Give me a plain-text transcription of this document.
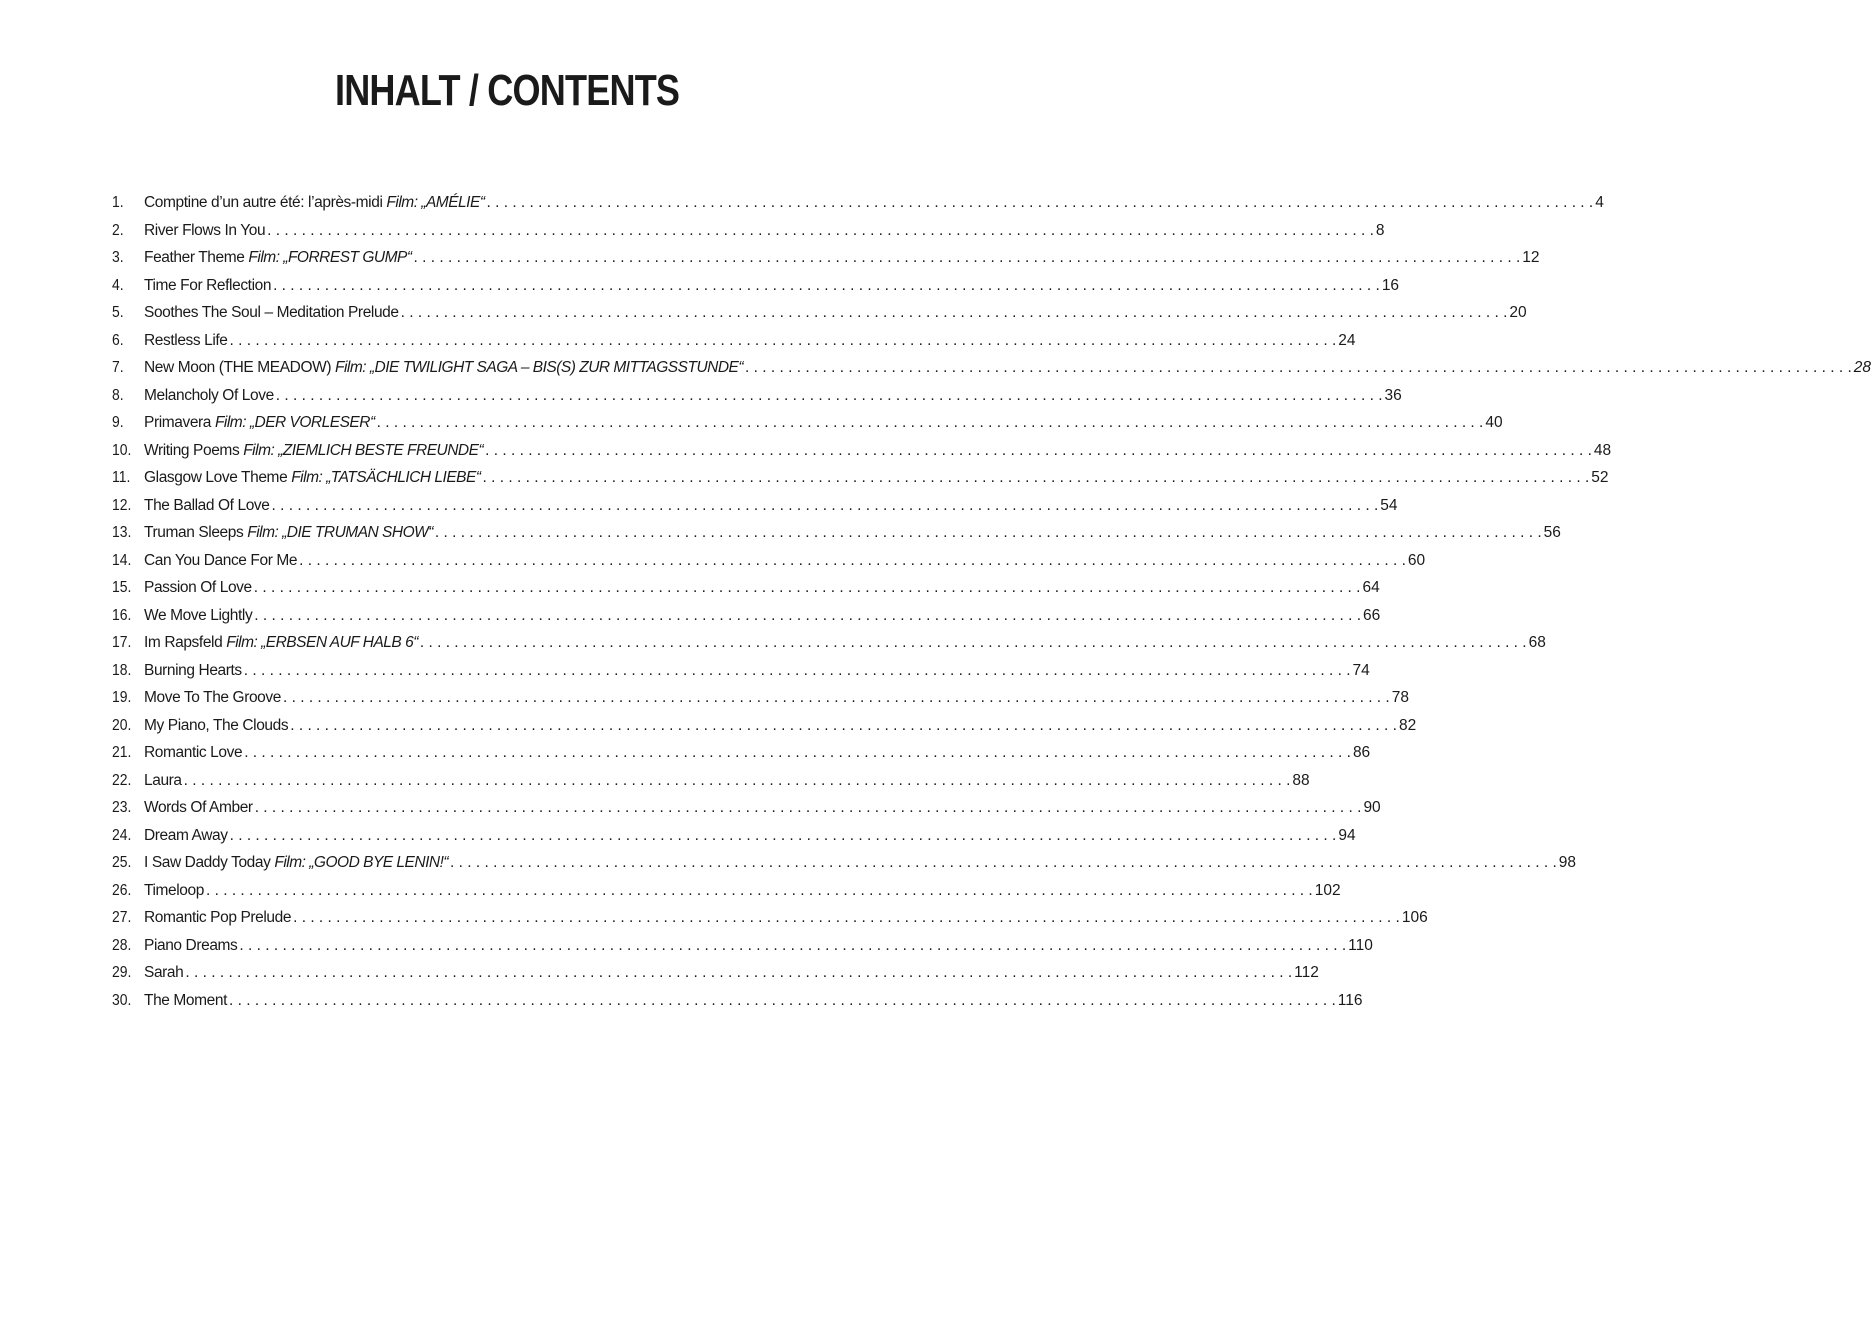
INHALT / CONTENTS
1.	Comptine d’un autre été: l’après-midi Film: „AMÉLIE“ . . .	4
2.	River Flows In You . . .	8
3.	Feather Theme Film: „FORREST GUMP“ . . .	12
4.	Time For Reflection . . .	16
5.	Soothes The Soul – Meditation Prelude . . .	20
6.	Restless Life . . .	24
7.	New Moon (THE MEADOW) Film: „DIE TWILIGHT SAGA – BIS(S) ZUR MITTAGSSTUNDE“ . . .	28
8.	Melancholy Of Love . . .	36
9.	Primavera Film: „DER VORLESER“ . . .	40
10. Writing Poems Film: „ZIEMLICH BESTE FREUNDE“ . . .	48
11. Glasgow Love Theme Film: „TATSÄCHLICH LIEBE“ . . .	52
12. The Ballad Of Love . . .	54
13. Truman Sleeps Film: „DIE TRUMAN SHOW“ . . .	56
14. Can You Dance For Me . . .	60
15. Passion Of Love . . .	64
16. We Move Lightly . . .	66
17. Im Rapsfeld Film: „ERBSEN AUF HALB 6“ . . .	68
18. Burning Hearts . . .	74
19. Move To The Groove . . .	78
20. My Piano, The Clouds . . .	82
21. Romantic Love . . .	86
22. Laura . . .	88
23. Words Of Amber . . .	90
24. Dream Away . . .	94
25. I Saw Daddy Today Film: „GOOD BYE LENIN!“ . . .	98
26. Timeloop . . .	102
27. Romantic Pop Prelude . . .	106
28. Piano Dreams . . .	110
29. Sarah . . .	112
30. The Moment . . .	116
